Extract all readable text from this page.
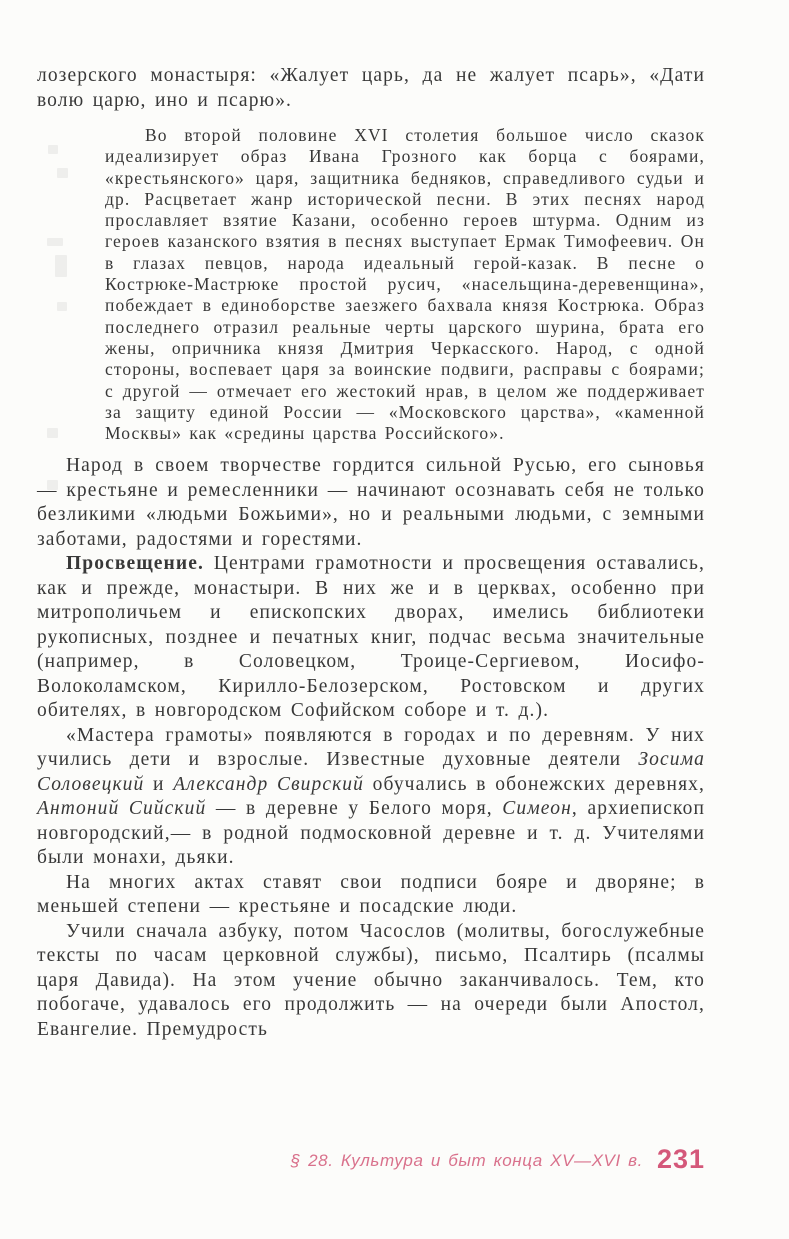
лозерского монастыря: «Жалует царь, да не жалует псарь», «Дати волю царю, ино и псарю».

Во второй половине XVI столетия большое число сказок идеализирует образ Ивана Грозного как борца с боярами, «крестьянского» царя, защитника бедняков, справедливого судьи и др. Расцветает жанр исторической песни. В этих песнях народ прославляет взятие Казани, особенно героев штурма. Одним из героев казанского взятия в песнях выступает Ермак Тимофеевич. Он в глазах певцов, народа идеальный герой-казак. В песне о Кострюке-Мастрюке простой русич, «насельщина-деревенщина», побеждает в единоборстве заезжего бахвала князя Кострюка. Образ последнего отразил реальные черты царского шурина, брата его жены, опричника князя Дмитрия Черкасского. Народ, с одной стороны, воспевает царя за воинские подвиги, расправы с боярами; с другой — отмечает его жестокий нрав, в целом же поддерживает за защиту единой России — «Московского царства», «каменной Москвы» как «средины царства Российского».

Народ в своем творчестве гордится сильной Русью, его сыновья — крестьяне и ремесленники — начинают осознавать себя не только безликими «людьми Божьими», но и реальными людьми, с земными заботами, радостями и горестями.

Просвещение. Центрами грамотности и просвещения оставались, как и прежде, монастыри. В них же и в церквах, особенно при митрополичьем и епископских дворах, имелись библиотеки рукописных, позднее и печатных книг, подчас весьма значительные (например, в Соловецком, Троице-Сергиевом, Иосифо-Волоколамском, Кирилло-Белозерском, Ростовском и других обителях, в новгородском Софийском соборе и т. д.).

«Мастера грамоты» появляются в городах и по деревням. У них учились дети и взрослые. Известные духовные деятели Зосима Соловецкий и Александр Свирский обучались в обонежских деревнях, Антоний Сийский — в деревне у Белого моря, Симеон, архиепископ новгородский,— в родной подмосковной деревне и т. д. Учителями были монахи, дьяки.

На многих актах ставят свои подписи бояре и дворяне; в меньшей степени — крестьяне и посадские люди.

Учили сначала азбуку, потом Часослов (молитвы, богослужебные тексты по часам церковной службы), письмо, Псалтирь (псалмы царя Давида). На этом учение обычно заканчивалось. Тем, кто побогаче, удавалось его продолжить — на очереди были Апостол, Евангелие. Премудрость

§ 28. Культура и быт конца XV—XVI в. 231
